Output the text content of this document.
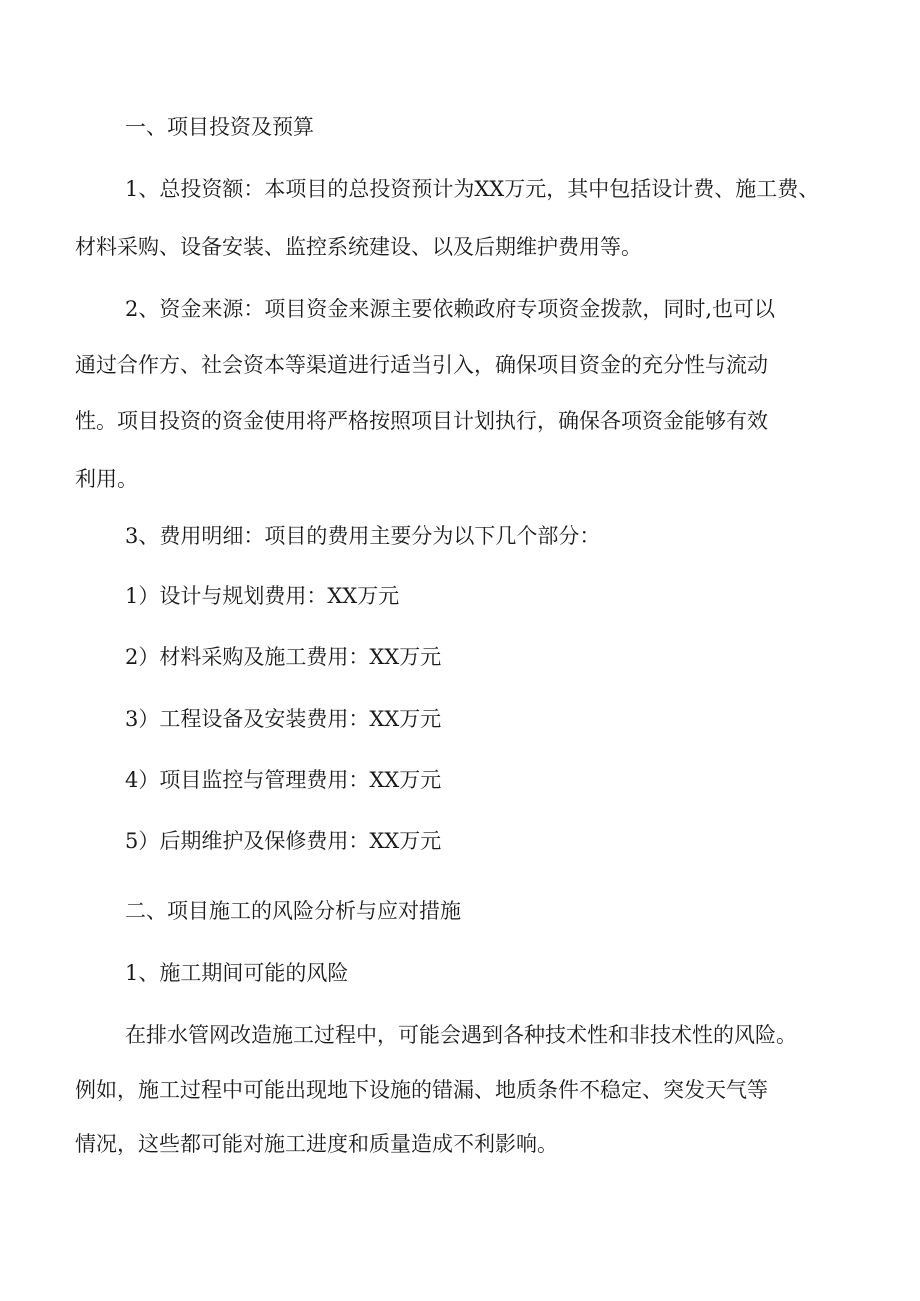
一、项目投资及预算
1、总投资额：本项目的总投资预计为XX万元，其中包括设计费、施工费、
材料采购、设备安装、监控系统建设、以及后期维护费用等。
2、资金来源：项目资金来源主要依赖政府专项资金拨款，同时,也可以
通过合作方、社会资本等渠道进行适当引入，确保项目资金的充分性与流动
性。项目投资的资金使用将严格按照项目计划执行，确保各项资金能够有效
利用。
3、费用明细：项目的费用主要分为以下几个部分：
1）设计与规划费用：XX万元
2）材料采购及施工费用：XX万元
3）工程设备及安装费用：XX万元
4）项目监控与管理费用：XX万元
5）后期维护及保修费用：XX万元
二、项目施工的风险分析与应对措施
1、施工期间可能的风险
在排水管网改造施工过程中，可能会遇到各种技术性和非技术性的风险。
例如，施工过程中可能出现地下设施的错漏、地质条件不稳定、突发天气等
情况，这些都可能对施工进度和质量造成不利影响。
